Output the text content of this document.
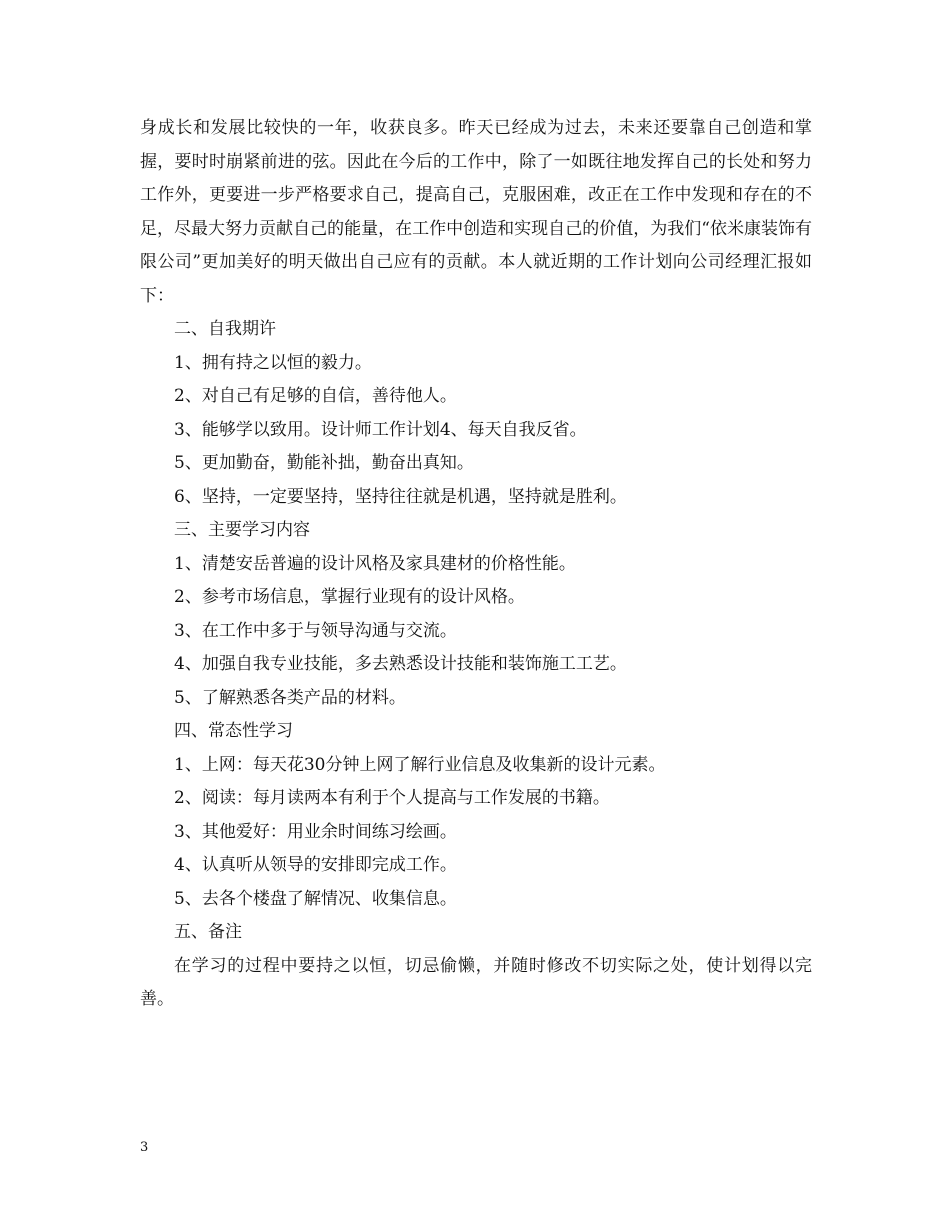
身成长和发展比较快的一年，收获良多。昨天已经成为过去，未来还要靠自己创造和掌握，要时时崩紧前进的弦。因此在今后的工作中，除了一如既往地发挥自己的长处和努力工作外，更要进一步严格要求自己，提高自己，克服困难，改正在工作中发现和存在的不足，尽最大努力贡献自己的能量，在工作中创造和实现自己的价值，为我们“依米康装饰有限公司”更加美好的明天做出自己应有的贡献。本人就近期的工作计划向公司经理汇报如下：

二、自我期许

1、拥有持之以恒的毅力。

2、对自己有足够的自信，善待他人。

3、能够学以致用。设计师工作计划4、每天自我反省。

5、更加勤奋，勤能补拙，勤奋出真知。

6、坚持，一定要坚持，坚持往往就是机遇，坚持就是胜利。

三、主要学习内容

1、清楚安岳普遍的设计风格及家具建材的价格性能。

2、参考市场信息，掌握行业现有的设计风格。

3、在工作中多于与领导沟通与交流。

4、加强自我专业技能，多去熟悉设计技能和装饰施工工艺。

5、了解熟悉各类产品的材料。

四、常态性学习

1、上网：每天花30分钟上网了解行业信息及收集新的设计元素。

2、阅读：每月读两本有利于个人提高与工作发展的书籍。

3、其他爱好：用业余时间练习绘画。

4、认真听从领导的安排即完成工作。

5、去各个楼盘了解情况、收集信息。

五、备注

在学习的过程中要持之以恒，切忌偷懒，并随时修改不切实际之处，使计划得以完善。

3
